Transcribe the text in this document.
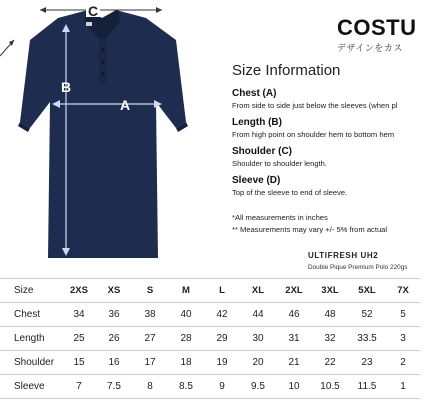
C
B
A
COSTU
デザインをカス
Size Information
Chest (A)
From side to side just below the sleeves (when pl
Length (B)
From high point on shoulder hem to bottom hem
Shoulder (C)
Shoulder to shoulder length.
Sleeve (D)
Top of the sleeve to end of sleeve.
*All measurements in inches
** Measurements may vary +/- 5% from actual
ULTIFRESH UH2
Double Pique Premium Polo 220gs
Size	2XS	XS	S	M	L	XL	2XL	3XL	5XL	7X
Chest	34	36	38	40	42	44	46	48	52	5
Length	25	26	27	28	29	30	31	32	33.5	3
Shoulder	15	16	17	18	19	20	21	22	23	2
Sleeve	7	7.5	8	8.5	9	9.5	10	10.5	11.5	1
